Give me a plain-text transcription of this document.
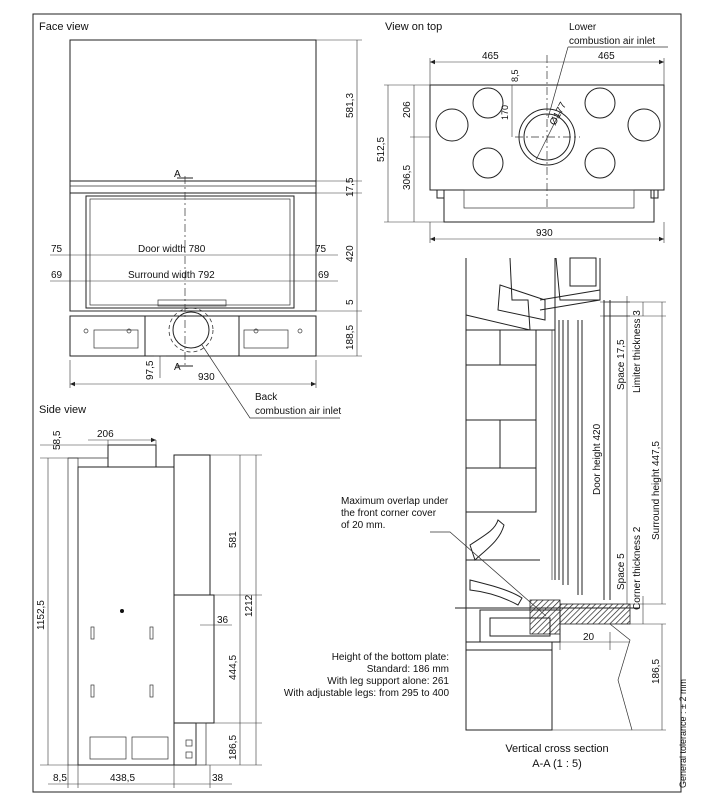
Face view
A
A
75	75
Door width 780
69	69
Surround width 792
930
97,5
581,3
17,5
420
5
188,5
Back
combustion air inlet
View on top	Lower
combustion air inlet
465	465
8,5
170	Ø177
206
512,5
306,5
930
Side view
206
58,5
1152,5
581
1212
444,5
186,5
36
8,5	438,5	38
Space 17,5 Limiter thickness 3
Door height 420	Surround height 447,5
Space 5 Corner thickness 2
186,5
20
Maximum overlap under
the front corner cover
of 20 mm.
Height of the bottom plate:
Standard: 186 mm
With leg support alone: 261
With adjustable legs: from 295 to 400
Vertical cross section
A-A (1 : 5)	General tolerance : ± 2 mm
